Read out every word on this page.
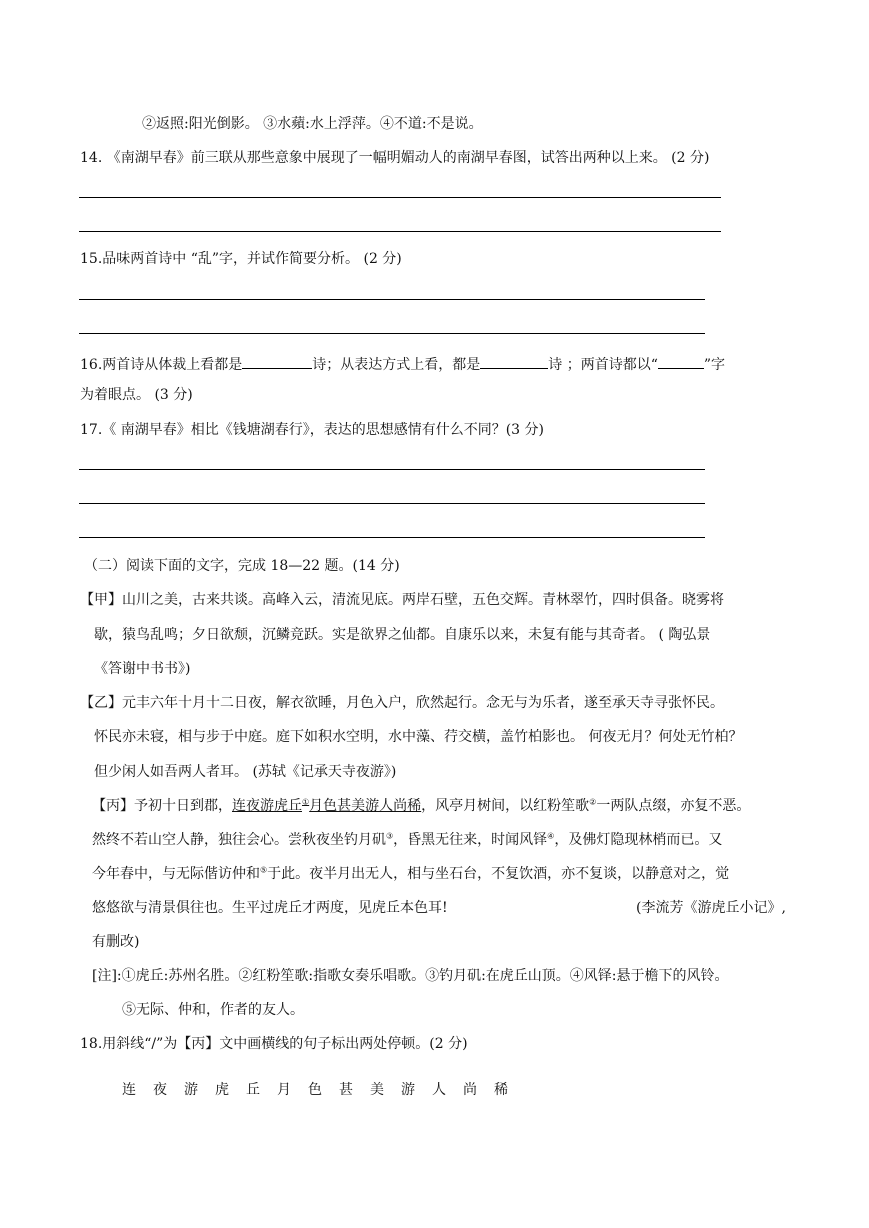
②返照:阳光倒影。 ③水蘋:水上浮萍。④不道:不是说。
14. 《南湖早春》前三联从那些意象中展现了一幅明媚动人的南湖早春图，试答出两种以上来。 (2 分)
15.品味两首诗中 “乱”字，并试作简要分析。 (2 分)
16.两首诗从体裁上看都是	诗；从表达方式上看，都是	诗 ；两首诗都以“	”字
为着眼点。 (3 分)
17.《 南湖早春》相比《钱塘湖春行》，表达的思想感情有什么不同？(3 分)
（二）阅读下面的文字，完成 18—22 题。(14 分)
【甲】山川之美，古来共谈。高峰入云，清流见底。两岸石壁，五色交辉。青林翠竹，四时俱备。晓雾将
歇，猿鸟乱鸣；夕日欲颓，沉鳞竞跃。实是欲界之仙都。自康乐以来，未复有能与其奇者。 ( 陶弘景
《答谢中书书》)
【乙】元丰六年十月十二日夜，解衣欲睡，月色入户，欣然起行。念无与为乐者，遂至承天寺寻张怀民。
怀民亦未寝，相与步于中庭。庭下如积水空明，水中藻、荇交横，盖竹柏影也。 何夜无月？何处无竹柏？
但少闲人如吾两人者耳。 (苏轼《记承天寺夜游》)
【丙】予初十日到郡，连夜游虎丘①月色甚美游人尚稀，风亭月树间，以红粉笙歌②一两队点缀，亦复不恶。
然终不若山空人静，独往会心。尝秋夜坐钓月矶③，昏黑无往来，时闻风铎④，及佛灯隐现林梢而已。又
今年春中，与无际偕访仲和⑤于此。夜半月出无人，相与坐石台，不复饮酒，亦不复谈，以静意对之，觉
悠悠欲与清景俱往也。生平过虎丘才两度，见虎丘本色耳!	(李流芳《游虎丘小记》,
有删改)
[注]:①虎丘:苏州名胜。②红粉笙歌:指歌女奏乐唱歌。③钓月矶:在虎丘山顶。④风铎:悬于檐下的风铃。
⑤无际、仲和，作者的友人。
18.用斜线“/”为【丙】文中画横线的句子标出两处停顿。(2 分)
连 夜 游 虎 丘 月 色 甚 美 游 人 尚 稀
